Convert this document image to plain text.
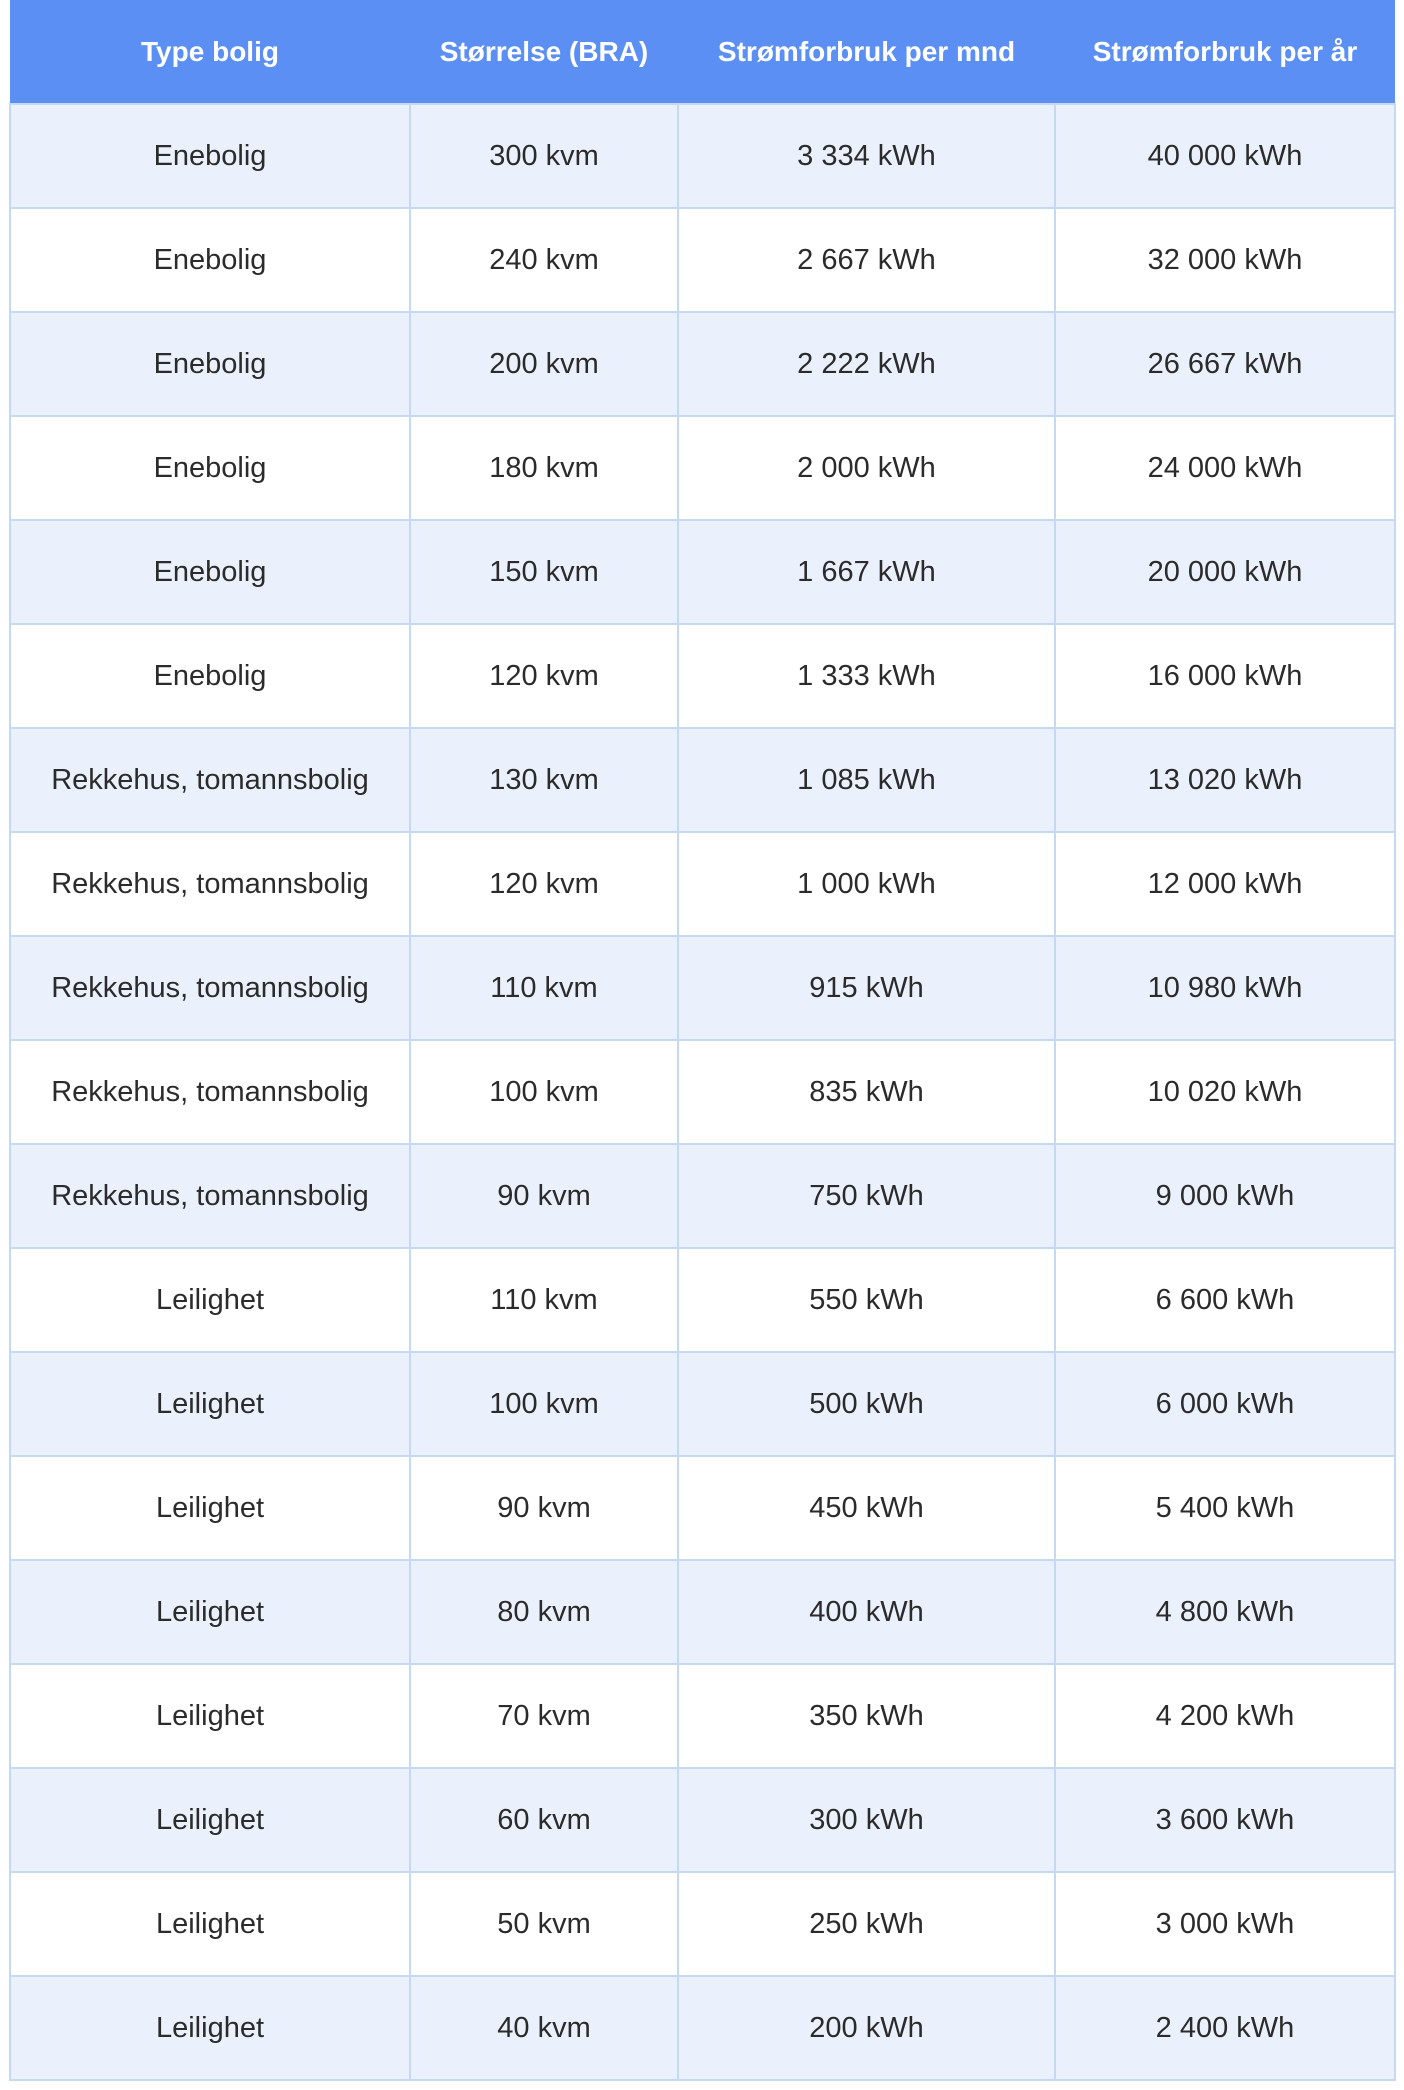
Type bolig	Størrelse (BRA)	Strømforbruk per mnd	Strømforbruk per år
Enebolig	300 kvm	3 334 kWh	40 000 kWh
Enebolig	240 kvm	2 667 kWh	32 000 kWh
Enebolig	200 kvm	2 222 kWh	26 667 kWh
Enebolig	180 kvm	2 000 kWh	24 000 kWh
Enebolig	150 kvm	1 667 kWh	20 000 kWh
Enebolig	120 kvm	1 333 kWh	16 000 kWh
Rekkehus, tomannsbolig	130 kvm	1 085 kWh	13 020 kWh
Rekkehus, tomannsbolig	120 kvm	1 000 kWh	12 000 kWh
Rekkehus, tomannsbolig	110 kvm	915 kWh	10 980 kWh
Rekkehus, tomannsbolig	100 kvm	835 kWh	10 020 kWh
Rekkehus, tomannsbolig	90 kvm	750 kWh	9 000 kWh
Leilighet	110 kvm	550 kWh	6 600 kWh
Leilighet	100 kvm	500 kWh	6 000 kWh
Leilighet	90 kvm	450 kWh	5 400 kWh
Leilighet	80 kvm	400 kWh	4 800 kWh
Leilighet	70 kvm	350 kWh	4 200 kWh
Leilighet	60 kvm	300 kWh	3 600 kWh
Leilighet	50 kvm	250 kWh	3 000 kWh
Leilighet	40 kvm	200 kWh	2 400 kWh
